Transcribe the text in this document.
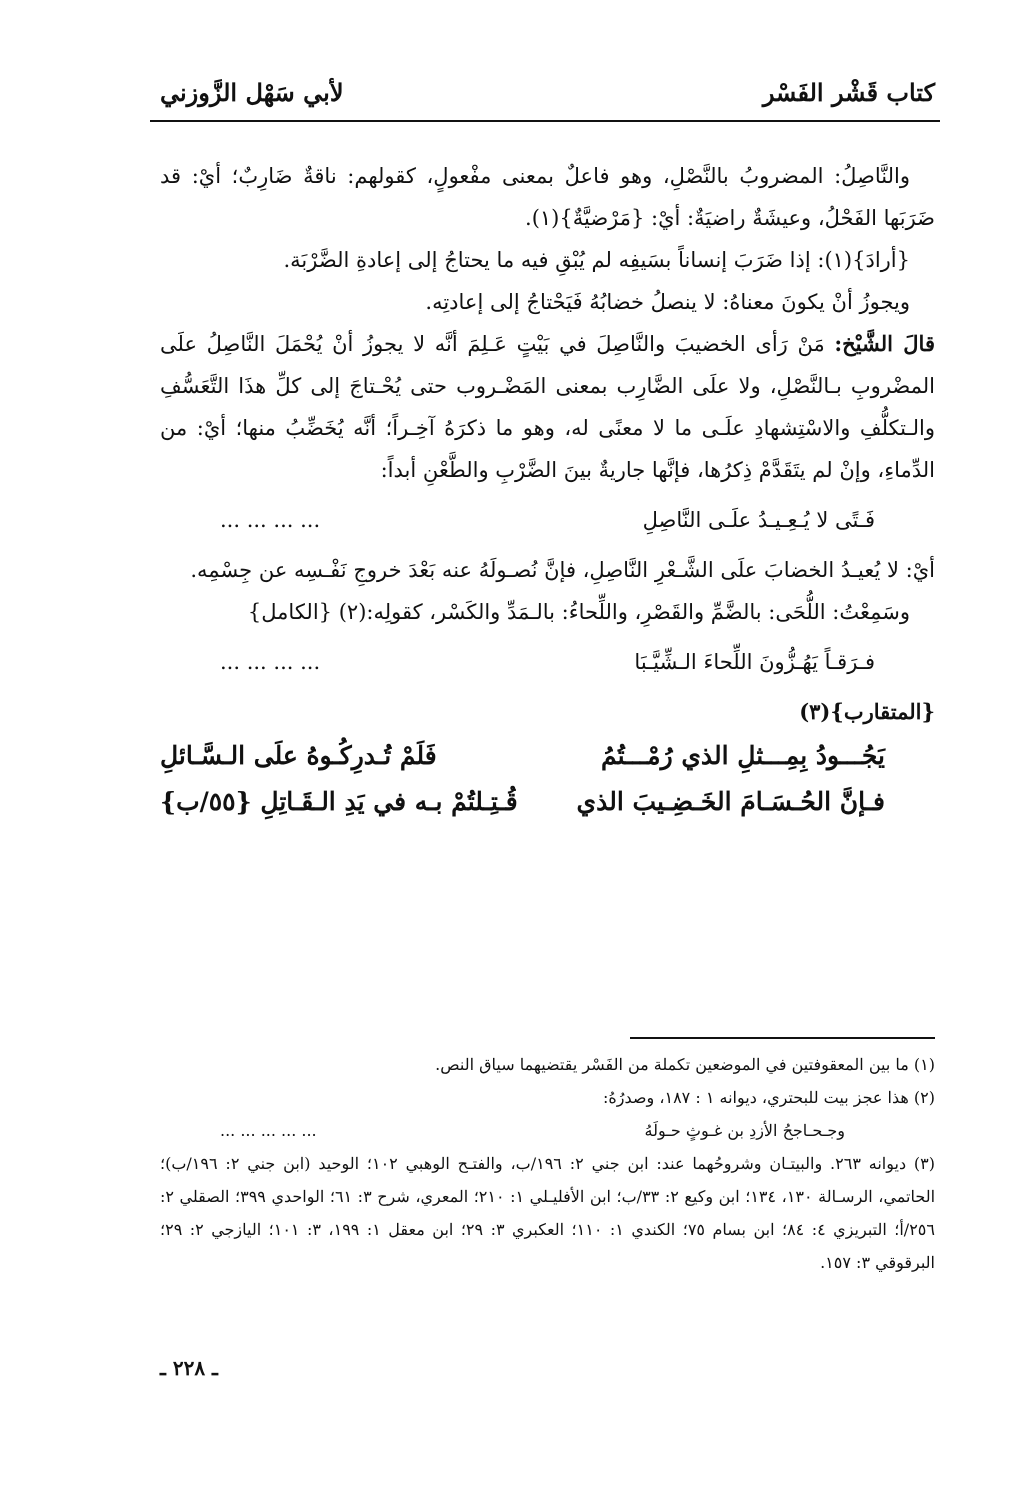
كتاب قَشْر الفَسْر
لأبي سَهْل الزَّوزني

والنَّاصِلُ: المضروبُ بالنَّصْلِ، وهو فاعلٌ بمعنى مفْعولٍ، كقولهم: ناقةٌ ضَارِبٌ؛ أيْ: قد ضَرَبَها الفَحْلُ، وعيشَةٌ راضيَةٌ: أيْ: {مَرْضيَّةٌ}(١).

{أرادَ}(١): إذا ضَرَبَ إنساناً بسَيفِه لم يُبْقِ فيه ما يحتاجُ إلى إعادةِ الضَّرْبَة.

ويجوزُ أنْ يكونَ معناهُ: لا ينصلُ خضابُهُ فَيَحْتاجُ إلى إعادتِه.

قالَ الشَّيْخ: مَنْ رَأى الخضيبَ والنَّاصِلَ في بَيْتٍ عَـلِمَ أنَّه لا يجوزُ أنْ يُحْمَلَ النَّاصِلُ علَى المضْروبِ بـالنَّصْلِ، ولا علَى الضَّارِب بمعنى المَضْـروب حتى يُحْـتاجَ إلى كلِّ هذَا التَّعَسُّفِ والـتكلُّفِ والاسْتِشهادِ علَـى ما لا معنًى له، وهو ما ذكرَهُ آخِـراً؛ أنَّه يُخَضِّبُ منها؛ أيْ: من الدِّماءِ، وإنْ لم يتَقَدَّمْ ذِكرُها، فإنَّها جاريةٌ بينَ الضَّرْبِ والطَّعْنِ أبداً:

فَـتًى لا يُـعِـيـدُ علَـى النَّاصِلِ
... ... ... ...

أيْ: لا يُعيـدُ الخضابَ علَى الشَّـعْرِ النَّاصِلِ، فإنَّ نُصـولَهُ عنه بَعْدَ خروجِ نَفْـسِه عن جِسْمِه.

وسَمِعْتُ: اللُّحَى: بالضَّمِّ والقَصْرِ، واللِّحاءُ: بالـمَدِّ والكَسْر، كقولِه:(٢) {الكامل}

فـرَقـاً يَهُـزُّونَ اللِّحاءَ الـشِّيَّـبَا
... ... ... ...

{المتقارب}(٣)

يَجُـــودُ بِمِـــثلِ الذي رُمْـــتُمُ
فَلَمْ تُـدرِكُـوهُ علَى الـسَّـائلِ
فـإنَّ الحُـسَـامَ الخَـضِـيبَ الذي
قُـتِـلتُمْ بـه في يَدِ الـقَـاتِلِ {٥٥/ب}

(١) ما بين المعقوفتين في الموضعين تكملة من الفَسْر يقتضيهما سياق النص.

(٢) هذا عجز بيت للبحتري، ديوانه ١ : ١٨٧، وصدرُهُ:

وجـحـاجحُ الأزدِ بن غـوثٍ حـولَهُ
... ... ... ... ...

(٣) ديوانه ٢٦٣. والبيتـان وشروحُهما عند: ابن جني ٢: ١٩٦/ب، والفتـح الوهبي ١٠٢؛ الوحيد (ابن جني ٢: ١٩٦/ب)؛ الحاتمي، الرسـالة ١٣٠، ١٣٤؛ ابن وكيع ٢: ٣٣/ب؛ ابن الأفليـلي ١: ٢١٠؛ المعري، شرح ٣: ٦١؛ الواحدي ٣٩٩؛ الصقلي ٢: ٢٥٦/أ؛ التبريزي ٤: ٨٤؛ ابن بسام ٧٥؛ الكندي ١: ١١٠؛ العكبري ٣: ٢٩؛ ابن معقل ١: ١٩٩، ٣: ١٠١؛ اليازجي ٢: ٢٩؛ البرقوقي ٣: ١٥٧.

ـ ٢٢٨ ـ
